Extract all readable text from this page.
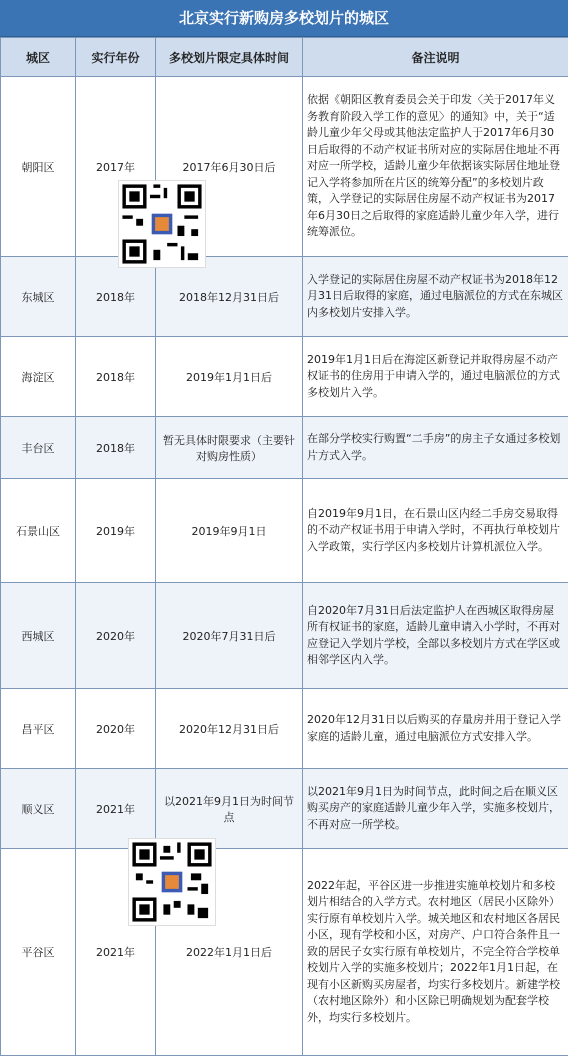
北京实行新购房多校划片的城区
城区	实行年份	多校划片限定具体时间	备注说明
朝阳区	2017年	2017年6月30日后	依据《朝阳区教育委员会关于印发〈关于2017年义务教育阶段入学工作的意见〉的通知》中，关于“适龄儿童少年父母或其他法定监护人于2017年6月30日后取得的不动产权证书所对应的实际居住地址不再对应一所学校，适龄儿童少年依据该实际居住地址登记入学将参加所在片区的统筹分配”的多校划片政策，入学登记的实际居住房屋不动产权证书为2017年6月30日之后取得的家庭适龄儿童少年入学，进行统筹派位。
东城区	2018年	2018年12月31日后	入学登记的实际居住房屋不动产权证书为2018年12月31日后取得的家庭，通过电脑派位的方式在东城区内多校划片安排入学。
海淀区	2018年	2019年1月1日后	2019年1月1日后在海淀区新登记并取得房屋不动产权证书的住房用于申请入学的，通过电脑派位的方式多校划片入学。
丰台区	2018年	暂无具体时限要求（主要针对购房性质）	在部分学校实行购置“二手房”的房主子女通过多校划片方式入学。
石景山区	2019年	2019年9月1日	自2019年9月1日，在石景山区内经二手房交易取得的不动产权证书用于申请入学时，不再执行单校划片入学政策，实行学区内多校划片计算机派位入学。
西城区	2020年	2020年7月31日后	自2020年7月31日后法定监护人在西城区取得房屋所有权证书的家庭，适龄儿童申请入小学时，不再对应登记入学划片学校，全部以多校划片方式在学区或相邻学区内入学。
昌平区	2020年	2020年12月31日后	2020年12月31日以后购买的存量房并用于登记入学家庭的适龄儿童，通过电脑派位方式安排入学。
顺义区	2021年	以2021年9月1日为时间节点	以2021年9月1日为时间节点，此时间之后在顺义区购买房产的家庭适龄儿童少年入学，实施多校划片，不再对应一所学校。
平谷区	2021年	2022年1月1日后	2022年起，平谷区进一步推进实施单校划片和多校划片相结合的入学方式。农村地区（居民小区除外）实行原有单校划片入学。城关地区和农村地区各居民小区，现有学校和小区，对房产、户口符合条件且一致的居民子女实行原有单校划片，不完全符合学校单校划片入学的实施多校划片；2022年1月1日起，在现有小区新购买房屋者，均实行多校划片。新建学校（农村地区除外）和小区除已明确规划为配套学校外，均实行多校划片。
